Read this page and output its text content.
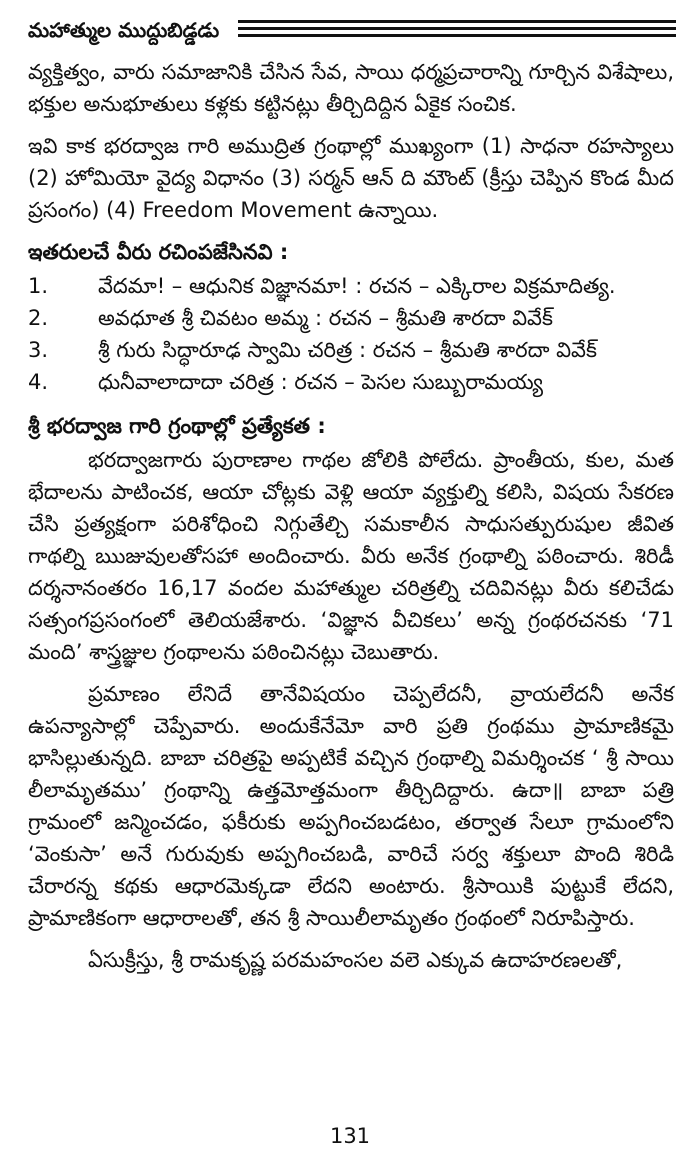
మహాత్ముల ముద్దుబిడ్డడు

వ్యక్తిత్వం, వారు సమాజానికి చేసిన సేవ, సాయి ధర్మప్రచారాన్ని గూర్చిన విశేషాలు, భక్తుల అనుభూతులు కళ్లకు కట్టినట్లు తీర్చిదిద్దిన ఏకైక సంచిక.

ఇవి కాక భరద్వాజ గారి అముద్రిత గ్రంథాల్లో ముఖ్యంగా (1) సాధనా రహస్యాలు (2) హోమియో వైద్య విధానం (3) సర్మన్ ఆన్ ది మౌంట్ (క్రీస్తు చెప్పిన కొండ మీద ప్రసంగం) (4) Freedom Movement ఉన్నాయి.

ఇతరులచే వీరు రచింపజేసినవి :
1.	వేదమా! – ఆధునిక విజ్ఞానమా! : రచన – ఎక్కిరాల విక్రమాదిత్య.
2.	అవధూత శ్రీ చివటం అమ్మ : రచన – శ్రీమతి శారదా వివేక్
3.	శ్రీ గురు సిద్ధారూఢ స్వామి చరిత్ర : రచన – శ్రీమతి శారదా వివేక్
4.	ధునీవాలాదాదా చరిత్ర : రచన – పెసల సుబ్బురామయ్య
శ్రీ భరద్వాజ గారి గ్రంథాల్లో ప్రత్యేకత :

భరద్వాజగారు పురాణాల గాథల జోలికి పోలేదు. ప్రాంతీయ, కుల, మత భేదాలను పాటించక, ఆయా చోట్లకు వెళ్లి ఆయా వ్యక్తుల్ని కలిసి, విషయ సేకరణ చేసి ప్రత్యక్షంగా పరిశోధించి నిగ్గుతేల్చి సమకాలీన సాధుసత్పురుషుల జీవిత గాథల్ని ఋజువులతోసహా అందించారు. వీరు అనేక గ్రంథాల్ని పఠించారు. శిరిడీ దర్శనానంతరం 16,17 వందల మహాత్ముల చరిత్రల్ని చదివినట్లు వీరు కలిచేడు సత్సంగప్రసంగంలో తెలియజేశారు. ‘విజ్ఞాన వీచికలు’ అన్న గ్రంథరచనకు ‘71 మంది’ శాస్త్రజ్ఞుల గ్రంథాలను పఠించినట్లు చెబుతారు.

ప్రమాణం లేనిదే తానేవిషయం చెప్పలేదనీ, వ్రాయలేదనీ అనేక ఉపన్యాసాల్లో చెప్పేవారు. అందుకేనేమో వారి ప్రతి గ్రంథము ప్రామాణికమై భాసిల్లుతున్నది. బాబా చరిత్రపై అప్పటికే వచ్చిన గ్రంథాల్ని విమర్శించక ‘ శ్రీ సాయి లీలామృతము’ గ్రంథాన్ని ఉత్తమోత్తమంగా తీర్చిదిద్దారు. ఉదా॥ బాబా పత్రి గ్రామంలో జన్మించడం, ఫకీరుకు అప్పగించబడటం, తర్వాత సేలూ గ్రామంలోని ‘వెంకుసా’ అనే గురువుకు అప్పగించబడి, వారిచే సర్వ శక్తులూ పొంది శిరిడి చేరారన్న కథకు ఆధారమెక్కడా లేదని అంటారు. శ్రీసాయికి పుట్టుకే లేదని, ప్రామాణికంగా ఆధారాలతో, తన శ్రీ సాయిలీలామృతం గ్రంథంలో నిరూపిస్తారు.

ఏసుక్రీస్తు, శ్రీ రామకృష్ణ పరమహంసల వలె ఎక్కువ ఉదాహరణలతో,

131
